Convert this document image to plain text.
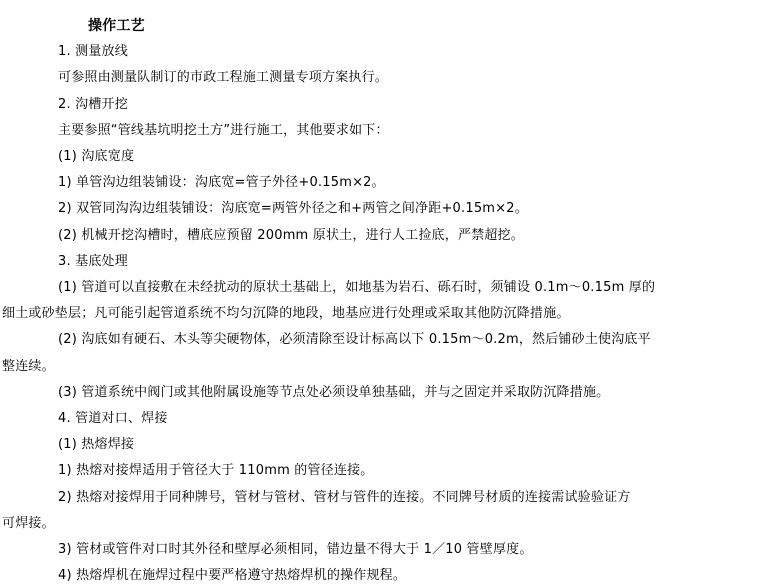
操作工艺
1. 测量放线
可参照由测量队制订的市政工程施工测量专项方案执行。
2. 沟槽开挖
主要参照“管线基坑明挖土方”进行施工，其他要求如下：
(1) 沟底宽度
1) 单管沟边组装铺设：沟底宽=管子外径+0.15m×2。
2) 双管同沟沟边组装铺设：沟底宽=两管外径之和+两管之间净距+0.15m×2。
(2) 机械开挖沟槽时，槽底应预留 200mm 原状土，进行人工捡底，严禁超挖。
3. 基底处理
(1) 管道可以直接敷在未经扰动的原状土基础上，如地基为岩石、砾石时，须铺设 0.1m～0.15m 厚的
细土或砂垫层；凡可能引起管道系统不均匀沉降的地段，地基应进行处理或采取其他防沉降措施。
(2) 沟底如有硬石、木头等尖硬物体，必须清除至设计标高以下 0.15m～0.2m，然后铺砂土使沟底平
整连续。
(3) 管道系统中阀门或其他附属设施等节点处必须设单独基础，并与之固定并采取防沉降措施。
4. 管道对口、焊接
(1) 热熔焊接
1) 热熔对接焊适用于管径大于 110mm 的管径连接。
2) 热熔对接焊用于同种牌号，管材与管材、管材与管件的连接。不同牌号材质的连接需试验验证方
可焊接。
3) 管材或管件对口时其外径和壁厚必须相同，错边量不得大于 1／10 管壁厚度。
4) 热熔焊机在施焊过程中要严格遵守热熔焊机的操作规程。
